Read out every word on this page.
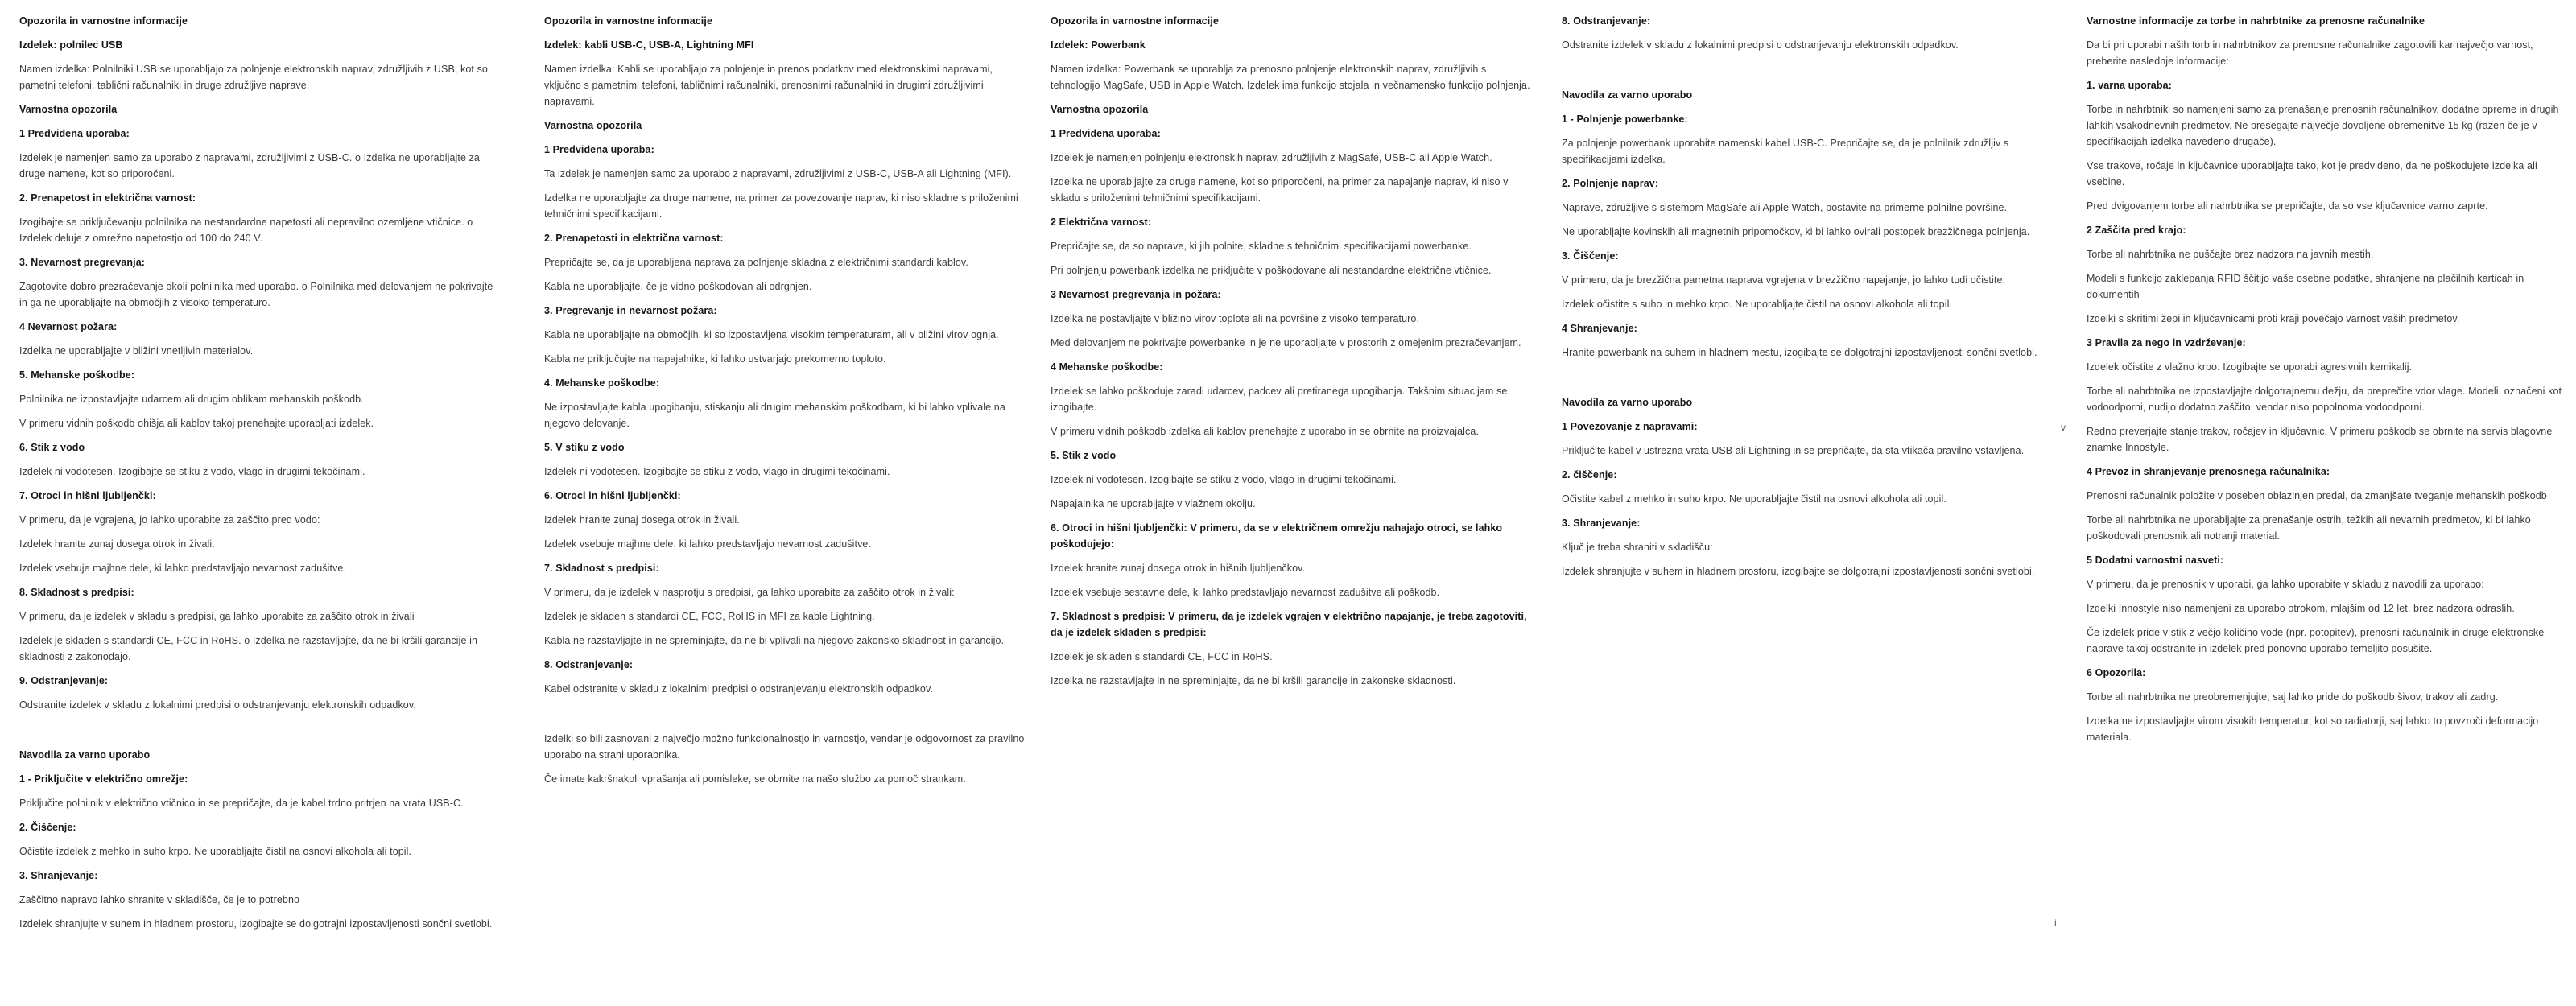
Opozorila in varnostne informacije
Izdelek: polnilec USB
Namen izdelka: Polnilniki USB se uporabljajo za polnjenje elektronskih naprav, združljivih z USB, kot so pametni telefoni, tablični računalniki in druge združljive naprave.
Varnostna opozorila
1 Predvidena uporaba:
Izdelek je namenjen samo za uporabo z napravami, združljivimi z USB-C. o Izdelka ne uporabljajte za druge namene, kot so priporočeni.
2. Prenapetost in električna varnost:
Izogibajte se priključevanju polnilnika na nestandardne napetosti ali nepravilno ozemljene vtičnice. o Izdelek deluje z omrežno napetostjo od 100 do 240 V.
3. Nevarnost pregrevanja:
Zagotovite dobro prezračevanje okoli polnilnika med uporabo. o Polnilnika med delovanjem ne pokrivajte in ga ne uporabljajte na območjih z visoko temperaturo.
4 Nevarnost požara:
Izdelka ne uporabljajte v bližini vnetljivih materialov.
5. Mehanske poškodbe:
Polnilnika ne izpostavljajte udarcem ali drugim oblikam mehanskih poškodb.
V primeru vidnih poškodb ohišja ali kablov takoj prenehajte uporabljati izdelek.
6. Stik z vodo
Izdelek ni vodotesen. Izogibajte se stiku z vodo, vlago in drugimi tekočinami.
7. Otroci in hišni ljubljenčki:
V primeru, da je vgrajena, jo lahko uporabite za zaščito pred vodo:
Izdelek hranite zunaj dosega otrok in živali.
Izdelek vsebuje majhne dele, ki lahko predstavljajo nevarnost zadušitve.
8. Skladnost s predpisi:
V primeru, da je izdelek v skladu s predpisi, ga lahko uporabite za zaščito otrok in živali
Izdelek je skladen s standardi CE, FCC in RoHS. o Izdelka ne razstavljajte, da ne bi kršili garancije in skladnosti z zakonodajo.
9. Odstranjevanje:
Odstranite izdelek v skladu z lokalnimi predpisi o odstranjevanju elektronskih odpadkov.
Navodila za varno uporabo
1 - Priključite v električno omrežje:
Priključite polnilnik v električno vtičnico in se prepričajte, da je kabel trdno pritrjen na vrata USB-C.
2. Čiščenje:
Očistite izdelek z mehko in suho krpo. Ne uporabljajte čistil na osnovi alkohola ali topil.
3. Shranjevanje:
Zaščitno napravo lahko shranite v skladišče, če je to potrebno
Izdelek shranjujte v suhem in hladnem prostoru, izogibajte se dolgotrajni izpostavljenosti sončni svetlobi.
Opozorila in varnostne informacije
Izdelek: kabli USB-C, USB-A, Lightning MFI
Namen izdelka: Kabli se uporabljajo za polnjenje in prenos podatkov med elektronskimi napravami, vključno s pametnimi telefoni, tabličnimi računalniki, prenosnimi računalniki in drugimi združljivimi napravami.
Varnostna opozorila
1 Predvidena uporaba:
Ta izdelek je namenjen samo za uporabo z napravami, združljivimi z USB-C, USB-A ali Lightning (MFI).
Izdelka ne uporabljajte za druge namene, na primer za povezovanje naprav, ki niso skladne s priloženimi tehničnimi specifikacijami.
2. Prenapetosti in električna varnost:
Prepričajte se, da je uporabljena naprava za polnjenje skladna z električnimi standardi kablov.
Kabla ne uporabljajte, če je vidno poškodovan ali odrgnjen.
3. Pregrevanje in nevarnost požara:
Kabla ne uporabljajte na območjih, ki so izpostavljena visokim temperaturam, ali v bližini virov ognja.
Kabla ne priključujte na napajalnike, ki lahko ustvarjajo prekomerno toploto.
4. Mehanske poškodbe:
Ne izpostavljajte kabla upogibanju, stiskanju ali drugim mehanskim poškodbam, ki bi lahko vplivale na njegovo delovanje.
5. V stiku z vodo
Izdelek ni vodotesen. Izogibajte se stiku z vodo, vlago in drugimi tekočinami.
6. Otroci in hišni ljubljenčki:
Izdelek hranite zunaj dosega otrok in živali.
Izdelek vsebuje majhne dele, ki lahko predstavljajo nevarnost zadušitve.
7. Skladnost s predpisi:
V primeru, da je izdelek v nasprotju s predpisi, ga lahko uporabite za zaščito otrok in živali:
Izdelek je skladen s standardi CE, FCC, RoHS in MFI za kable Lightning.
Kabla ne razstavljajte in ne spreminjajte, da ne bi vplivali na njegovo zakonsko skladnost in garancijo.
8. Odstranjevanje:
Kabel odstranite v skladu z lokalnimi predpisi o odstranjevanju elektronskih odpadkov.
Izdelki so bili zasnovani z največjo možno funkcionalnostjo in varnostjo, vendar je odgovornost za pravilno uporabo na strani uporabnika.
Če imate kakršnakoli vprašanja ali pomisleke, se obrnite na našo službo za pomoč strankam.
Opozorila in varnostne informacije
Izdelek: Powerbank
Namen izdelka: Powerbank se uporablja za prenosno polnjenje elektronskih naprav, združljivih s tehnologijo MagSafe, USB in Apple Watch. Izdelek ima funkcijo stojala in večnamensko funkcijo polnjenja.
Varnostna opozorila
1 Predvidena uporaba:
Izdelek je namenjen polnjenju elektronskih naprav, združljivih z MagSafe, USB-C ali Apple Watch.
Izdelka ne uporabljajte za druge namene, kot so priporočeni, na primer za napajanje naprav, ki niso v skladu s priloženimi tehničnimi specifikacijami.
2 Električna varnost:
Prepričajte se, da so naprave, ki jih polnite, skladne s tehničnimi specifikacijami powerbanke.
Pri polnjenju powerbank izdelka ne priključite v poškodovane ali nestandardne električne vtičnice.
3 Nevarnost pregrevanja in požara:
Izdelka ne postavljajte v bližino virov toplote ali na površine z visoko temperaturo.
Med delovanjem ne pokrivajte powerbanke in je ne uporabljajte v prostorih z omejenim prezračevanjem.
4 Mehanske poškodbe:
Izdelek se lahko poškoduje zaradi udarcev, padcev ali pretiranega upogibanja. Takšnim situacijam se izogibajte.
V primeru vidnih poškodb izdelka ali kablov prenehajte z uporabo in se obrnite na proizvajalca.
5. Stik z vodo
Izdelek ni vodotesen. Izogibajte se stiku z vodo, vlago in drugimi tekočinami.
Napajalnika ne uporabljajte v vlažnem okolju.
6. Otroci in hišni ljubljenčki: V primeru, da se v električnem omrežju nahajajo otroci, se lahko poškodujejo:
Izdelek hranite zunaj dosega otrok in hišnih ljubljenčkov.
Izdelek vsebuje sestavne dele, ki lahko predstavljajo nevarnost zadušitve ali poškodb.
7. Skladnost s predpisi: V primeru, da je izdelek vgrajen v električno napajanje, je treba zagotoviti, da je izdelek skladen s predpisi:
Izdelek je skladen s standardi CE, FCC in RoHS.
Izdelka ne razstavljajte in ne spreminjajte, da ne bi kršili garancije in zakonske skladnosti.
8. Odstranjevanje:
Odstranite izdelek v skladu z lokalnimi predpisi o odstranjevanju elektronskih odpadkov.
Navodila za varno uporabo
1 - Polnjenje powerbanke:
Za polnjenje powerbank uporabite namenski kabel USB-C. Prepričajte se, da je polnilnik združljiv s specifikacijami izdelka.
2. Polnjenje naprav:
Naprave, združljive s sistemom MagSafe ali Apple Watch, postavite na primerne polnilne površine.
Ne uporabljajte kovinskih ali magnetnih pripomočkov, ki bi lahko ovirali postopek brezžičnega polnjenja.
3. Čiščenje:
V primeru, da je brezžična pametna naprava vgrajena v brezžično napajanje, jo lahko tudi očistite:
Izdelek očistite s suho in mehko krpo. Ne uporabljajte čistil na osnovi alkohola ali topil.
4 Shranjevanje:
Hranite powerbank na suhem in hladnem mestu, izogibajte se dolgotrajni izpostavljenosti sončni svetlobi.
Navodila za varno uporabo
1 Povezovanje z napravami:
Priključite kabel v ustrezna vrata USB ali Lightning in se prepričajte, da sta vtikača pravilno vstavljena.
2. čiščenje:
Očistite kabel z mehko in suho krpo. Ne uporabljajte čistil na osnovi alkohola ali topil.
3. Shranjevanje:
Ključ je treba shraniti v skladišču:
Izdelek shranjujte v suhem in hladnem prostoru, izogibajte se dolgotrajni izpostavljenosti sončni svetlobi.
Varnostne informacije za torbe in nahrbtnike za prenosne računalnike
Da bi pri uporabi naših torb in nahrbtnikov za prenosne računalnike zagotovili kar največjo varnost, preberite naslednje informacije:
1. varna uporaba:
Torbe in nahrbtniki so namenjeni samo za prenašanje prenosnih računalnikov, dodatne opreme in drugih lahkih vsakodnevnih predmetov. Ne presegajte največje dovoljene obremenitve 15 kg (razen če je v specifikacijah izdelka navedeno drugače).
Vse trakove, ročaje in ključavnice uporabljajte tako, kot je predvideno, da ne poškodujete izdelka ali vsebine.
Pred dvigovanjem torbe ali nahrbtnika se prepričajte, da so vse ključavnice varno zaprte.
2 Zaščita pred krajo:
Torbe ali nahrbtnika ne puščajte brez nadzora na javnih mestih.
Modeli s funkcijo zaklepanja RFID ščitijo vaše osebne podatke, shranjene na plačilnih karticah in dokumentih
Izdelki s skritimi žepi in ključavnicami proti kraji povečajo varnost vaših predmetov.
3 Pravila za nego in vzdrževanje:
Izdelek očistite z vlažno krpo. Izogibajte se uporabi agresivnih kemikalij.
Torbe ali nahrbtnika ne izpostavljajte dolgotrajnemu dežju, da preprečite vdor vlage. Modeli, označeni kot vodoodporni, nudijo dodatno zaščito, vendar niso popolnoma vodoodporni.
Redno preverjajte stanje trakov, ročajev in ključavnic. V primeru poškodb se obrnite na servis blagovne znamke Innostyle.
4 Prevoz in shranjevanje prenosnega računalnika:
Prenosni računalnik položite v poseben oblazinjen predal, da zmanjšate tveganje mehanskih poškodb
Torbe ali nahrbtnika ne uporabljajte za prenašanje ostrih, težkih ali nevarnih predmetov, ki bi lahko poškodovali prenosnik ali notranji material.
5 Dodatni varnostni nasveti:
V primeru, da je prenosnik v uporabi, ga lahko uporabite v skladu z navodili za uporabo:
Izdelki Innostyle niso namenjeni za uporabo otrokom, mlajšim od 12 let, brez nadzora odraslih.
Če izdelek pride v stik z večjo količino vode (npr. potopitev), prenosni računalnik in druge elektronske naprave takoj odstranite in izdelek pred ponovno uporabo temeljito posušite.
6 Opozorila:
Torbe ali nahrbtnika ne preobremenjujte, saj lahko pride do poškodb šivov, trakov ali zadrg.
Izdelka ne izpostavljajte virom visokih temperatur, kot so radiatorji, saj lahko to povzroči deformacijo materiala.
v
i
